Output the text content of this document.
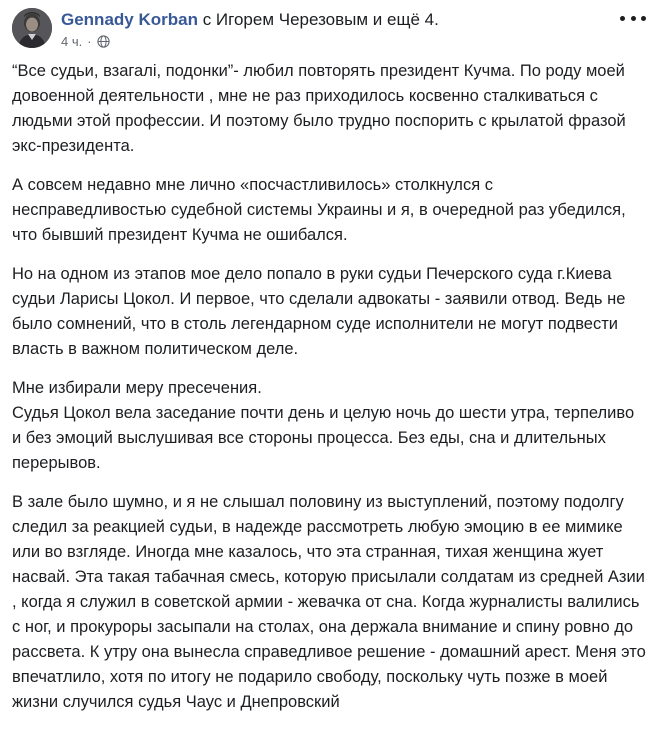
Gennady Korban с Игорем Черезовым и ещё 4.
4 ч. ·

“Все судьи, взагалі, подонки”- любил повторять президент Кучма. По роду моей довоенной деятельности , мне не раз приходилось косвенно сталкиваться с людьми этой профессии. И поэтому было трудно поспорить с крылатой фразой экс-президента.

А совсем недавно мне лично «посчастливилось» столкнулся с несправедливостью судебной системы Украины и я, в очередной раз убедился, что бывший президент Кучма не ошибался.

Но на одном из этапов мое дело попало в руки судьи Печерского суда г.Киева судьи Ларисы Цокол. И первое, что сделали адвокаты - заявили отвод. Ведь не было сомнений, что в столь легендарном суде исполнители не могут подвести власть в важном политическом деле.

Мне избирали меру пресечения.

Судья Цокол вела заседание почти день и целую ночь до шести утра, терпеливо и без эмоций выслушивая все стороны процесса. Без еды, сна и длительных перерывов.

В зале было шумно, и я не слышал половину из выступлений, поэтому подолгу следил за реакцией судьи, в надежде рассмотреть любую эмоцию в ее мимике или во взгляде. Иногда мне казалось, что эта странная, тихая женщина жует насвай. Эта такая табачная смесь, которую присылали солдатам из средней Азии , когда я служил в советской армии - жевачка от сна. Когда журналисты валились с ног, и прокуроры засыпали на столах, она держала внимание и спину ровно до рассвета. К утру она вынесла справедливое решение - домашний арест. Меня это впечатлило, хотя по итогу не подарило свободу, поскольку чуть позже в моей жизни случился судья Чаус и Днепровский
